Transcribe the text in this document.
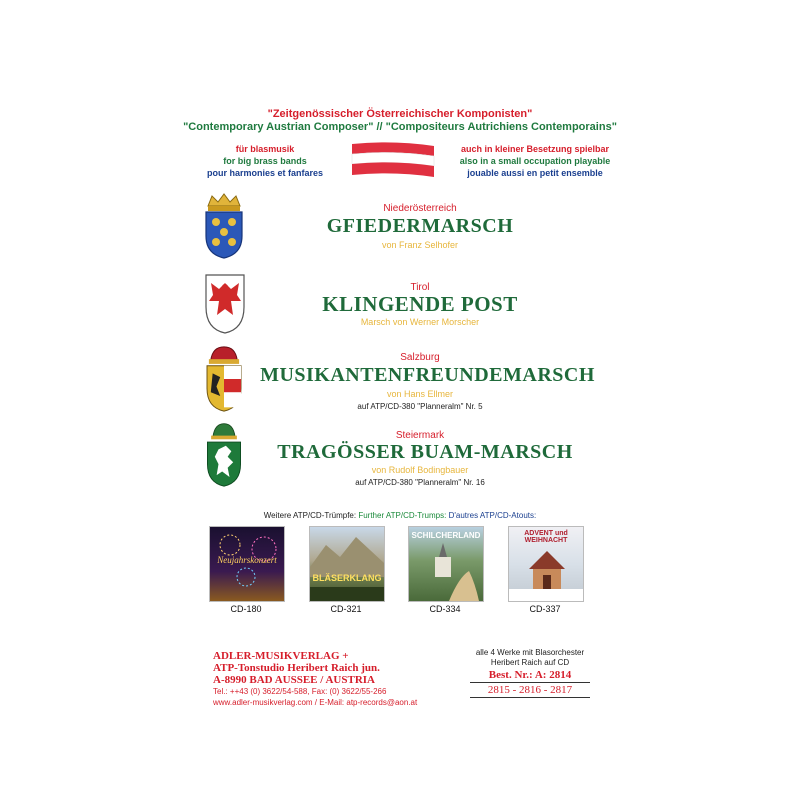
"Zeitgenössischer Österreichischer Komponisten"
"Contemporary Austrian Composer" // "Compositeurs Autrichiens Contemporains"
für blasmusik
for big brass bands
pour harmonies et fanfares
auch in kleiner Besetzung spielbar
also in a small occupation playable
jouable aussi en petit ensemble
Niederösterreich
GFIEDERMARSCH
von Franz Selhofer
Tirol
KLINGENDE POST
Marsch von Werner Morscher
Salzburg
MUSIKANTENFREUNDEMARSCH
von Hans Ellmer
auf ATP/CD-380 "Planneralm" Nr. 5
Steiermark
TRAGÖSSER BUAM-MARSCH
von Rudolf Bodingbauer
auf ATP/CD-380 "Planneralm" Nr. 16
Weitere ATP/CD-Trümpfe: Further ATP/CD-Trumps: D'autres ATP/CD-Atouts:
Neujahrskonzert
CD-180
BLÄSERKLANG
CD-321
SCHILCHERLAND
CD-334
ADVENT und WEIHNACHT
CD-337
ADLER-MUSIKVERLAG +
ATP-Tonstudio Heribert Raich jun.
A-8990 BAD AUSSEE / AUSTRIA
Tel.: ++43 (0) 3622/54-588, Fax: (0) 3622/55-266
www.adler-musikverlag.com / E-Mail: atp-records@aon.at
alle 4 Werke mit Blasorchester
Heribert Raich auf CD
Best. Nr.: A: 2814
2815 - 2816 - 2817
